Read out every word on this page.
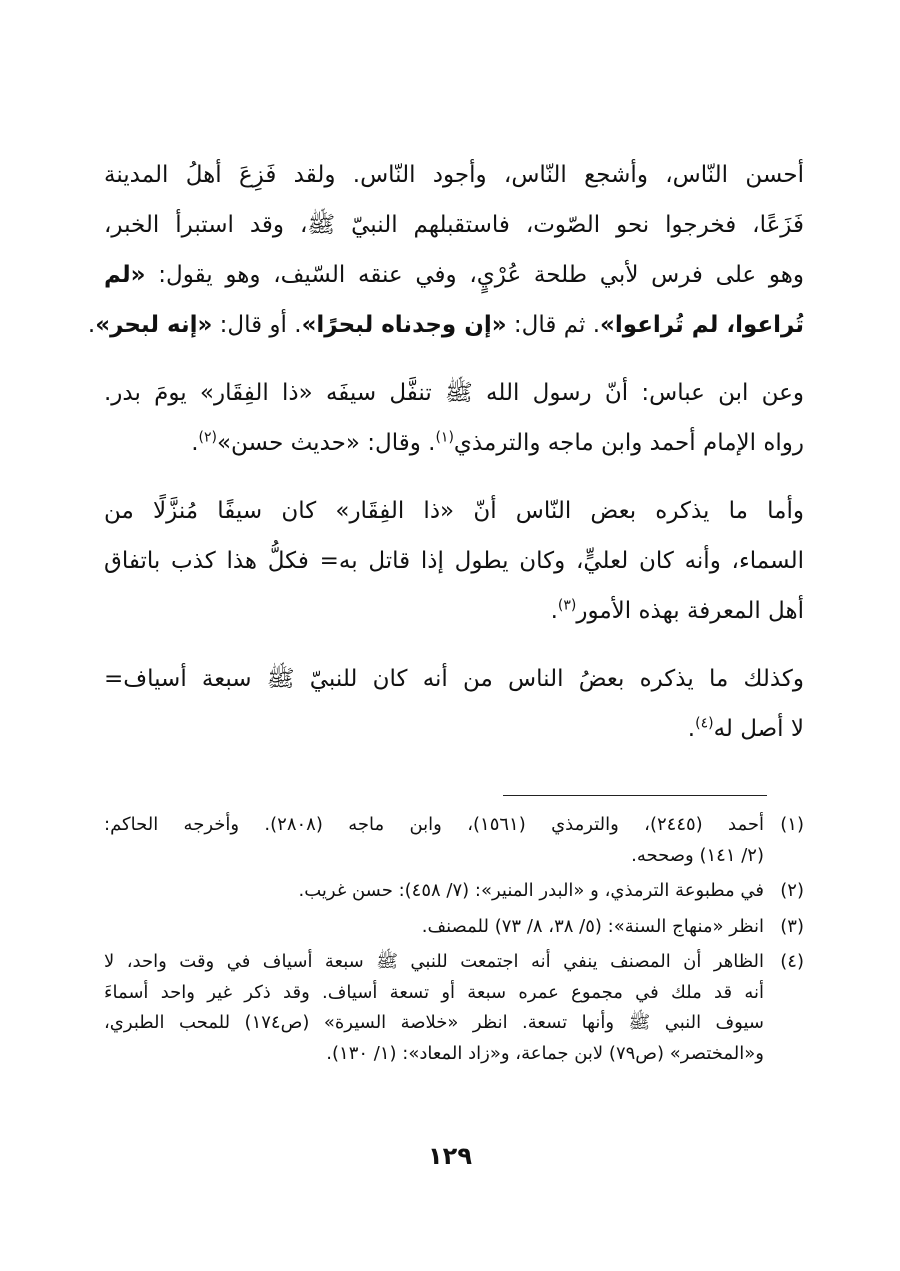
أحسن النّاس، وأشجع النّاس، وأجود النّاس. ولقد فَزِعَ أهلُ المدينة
فَزَعًا، فخرجوا نحو الصّوت، فاستقبلهم النبيّ ﷺ، وقد استبرأ الخبر،
وهو على فرس لأبي طلحة عُرْيٍ، وفي عنقه السّيف، وهو يقول: «لم
تُراعوا، لم تُراعوا». ثم قال: «إن وجدناه لبحرًا». أو قال: «إنه لبحر».
وعن ابن عباس: أنّ رسول الله ﷺ تنفَّل سيفَه «ذا الفِقَار» يومَ بدر.
رواه الإمام أحمد وابن ماجه والترمذي$^{(١)}$. وقال: «حديث حسن»$^{(٢)}$.
وأما ما يذكره بعض النّاس أنّ «ذا الفِقَار» كان سيفًا مُنزَّلًا من
السماء، وأنه كان لعليٍّ، وكان يطول إذا قاتل به= فكلُّ هذا كذب باتفاق
أهل المعرفة بهذه الأمور$^{(٣)}$.
وكذلك ما يذكره بعضُ الناس من أنه كان للنبيّ ﷺ سبعة أسياف=
لا أصل له$^{(٤)}$.
(١)
أحمد (٢٤٤٥)، والترمذي (١٥٦١)، وابن ماجه (٢٨٠٨). وأخرجه الحاكم:
(٢/ ١٤١) وصححه.
(٢)
في مطبوعة الترمذي، و «البدر المنير»: (٧/ ٤٥٨): حسن غريب.
(٣)
انظر «منهاج السنة»: (٥/ ٣٨، ٨/ ٧٣) للمصنف.
(٤)
الظاهر أن المصنف ينفي أنه اجتمعت للنبي ﷺ سبعة أسياف في وقت واحد، لا
أنه قد ملك في مجموع عمره سبعة أو تسعة أسياف. وقد ذكر غير واحد أسماءَ
سيوف النبي ﷺ وأنها تسعة. انظر «خلاصة السيرة» (ص١٧٤) للمحب الطبري،
و«المختصر» (ص٧٩) لابن جماعة، و«زاد المعاد»: (١/ ١٣٠).
١٢٩
